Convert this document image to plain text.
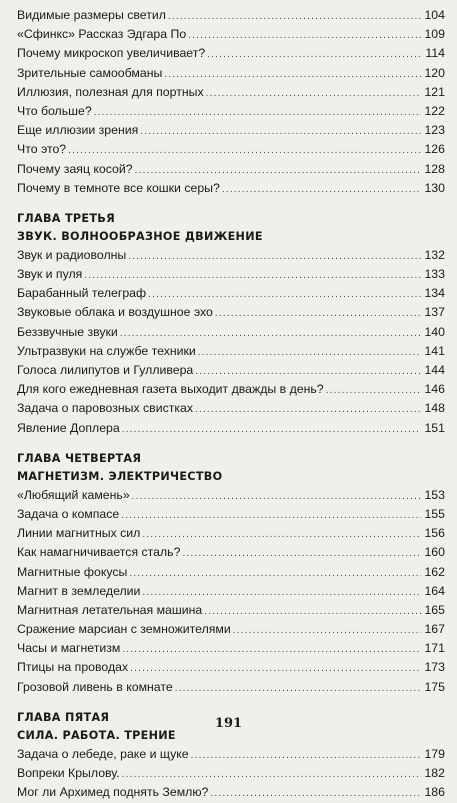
Видимые размеры светил .....	104
«Сфинкс» Рассказ Эдгара По .....	109
Почему микроскоп увеличивает? .....	114
Зрительные самообманы .....	120
Иллюзия, полезная для портных .....	121
Что больше? .....	122
Еще иллюзии зрения .....	123
Что это? .....	126
Почему заяц косой? .....	128
Почему в темноте все кошки серы? .....	130
ГЛАВА ТРЕТЬЯ
ЗВУК. ВОЛНООБРАЗНОЕ ДВИЖЕНИЕ
Звук и радиоволны .....	132
Звук и пуля .....	133
Барабанный телеграф .....	134
Звуковые облака и воздушное эхо .....	137
Беззвучные звуки .....	140
Ультразвуки на службе техники .....	141
Голоса лилипутов и Гулливера .....	144
Для кого ежедневная газета выходит дважды в день? .....	146
Задача о паровозных свистках .....	148
Явление Доплера .....	151
ГЛАВА ЧЕТВЕРТАЯ
МАГНЕТИЗМ. ЭЛЕКТРИЧЕСТВО
«Любящий камень» .....	153
Задача о компасе .....	155
Линии магнитных сил .....	156
Как намагничивается сталь? .....	160
Магнитные фокусы .....	162
Магнит в земледелии .....	164
Магнитная летательная машина .....	165
Сражение марсиан с земножителями .....	167
Часы и магнетизм .....	171
Птицы на проводах .....	173
Грозовой ливень в комнате .....	175
ГЛАВА ПЯТАЯ
СИЛА. РАБОТА. ТРЕНИЕ
Задача о лебеде, раке и щуке .....	179
Вопреки Крылову. .....	182
Мог ли Архимед поднять Землю? .....	186
191
